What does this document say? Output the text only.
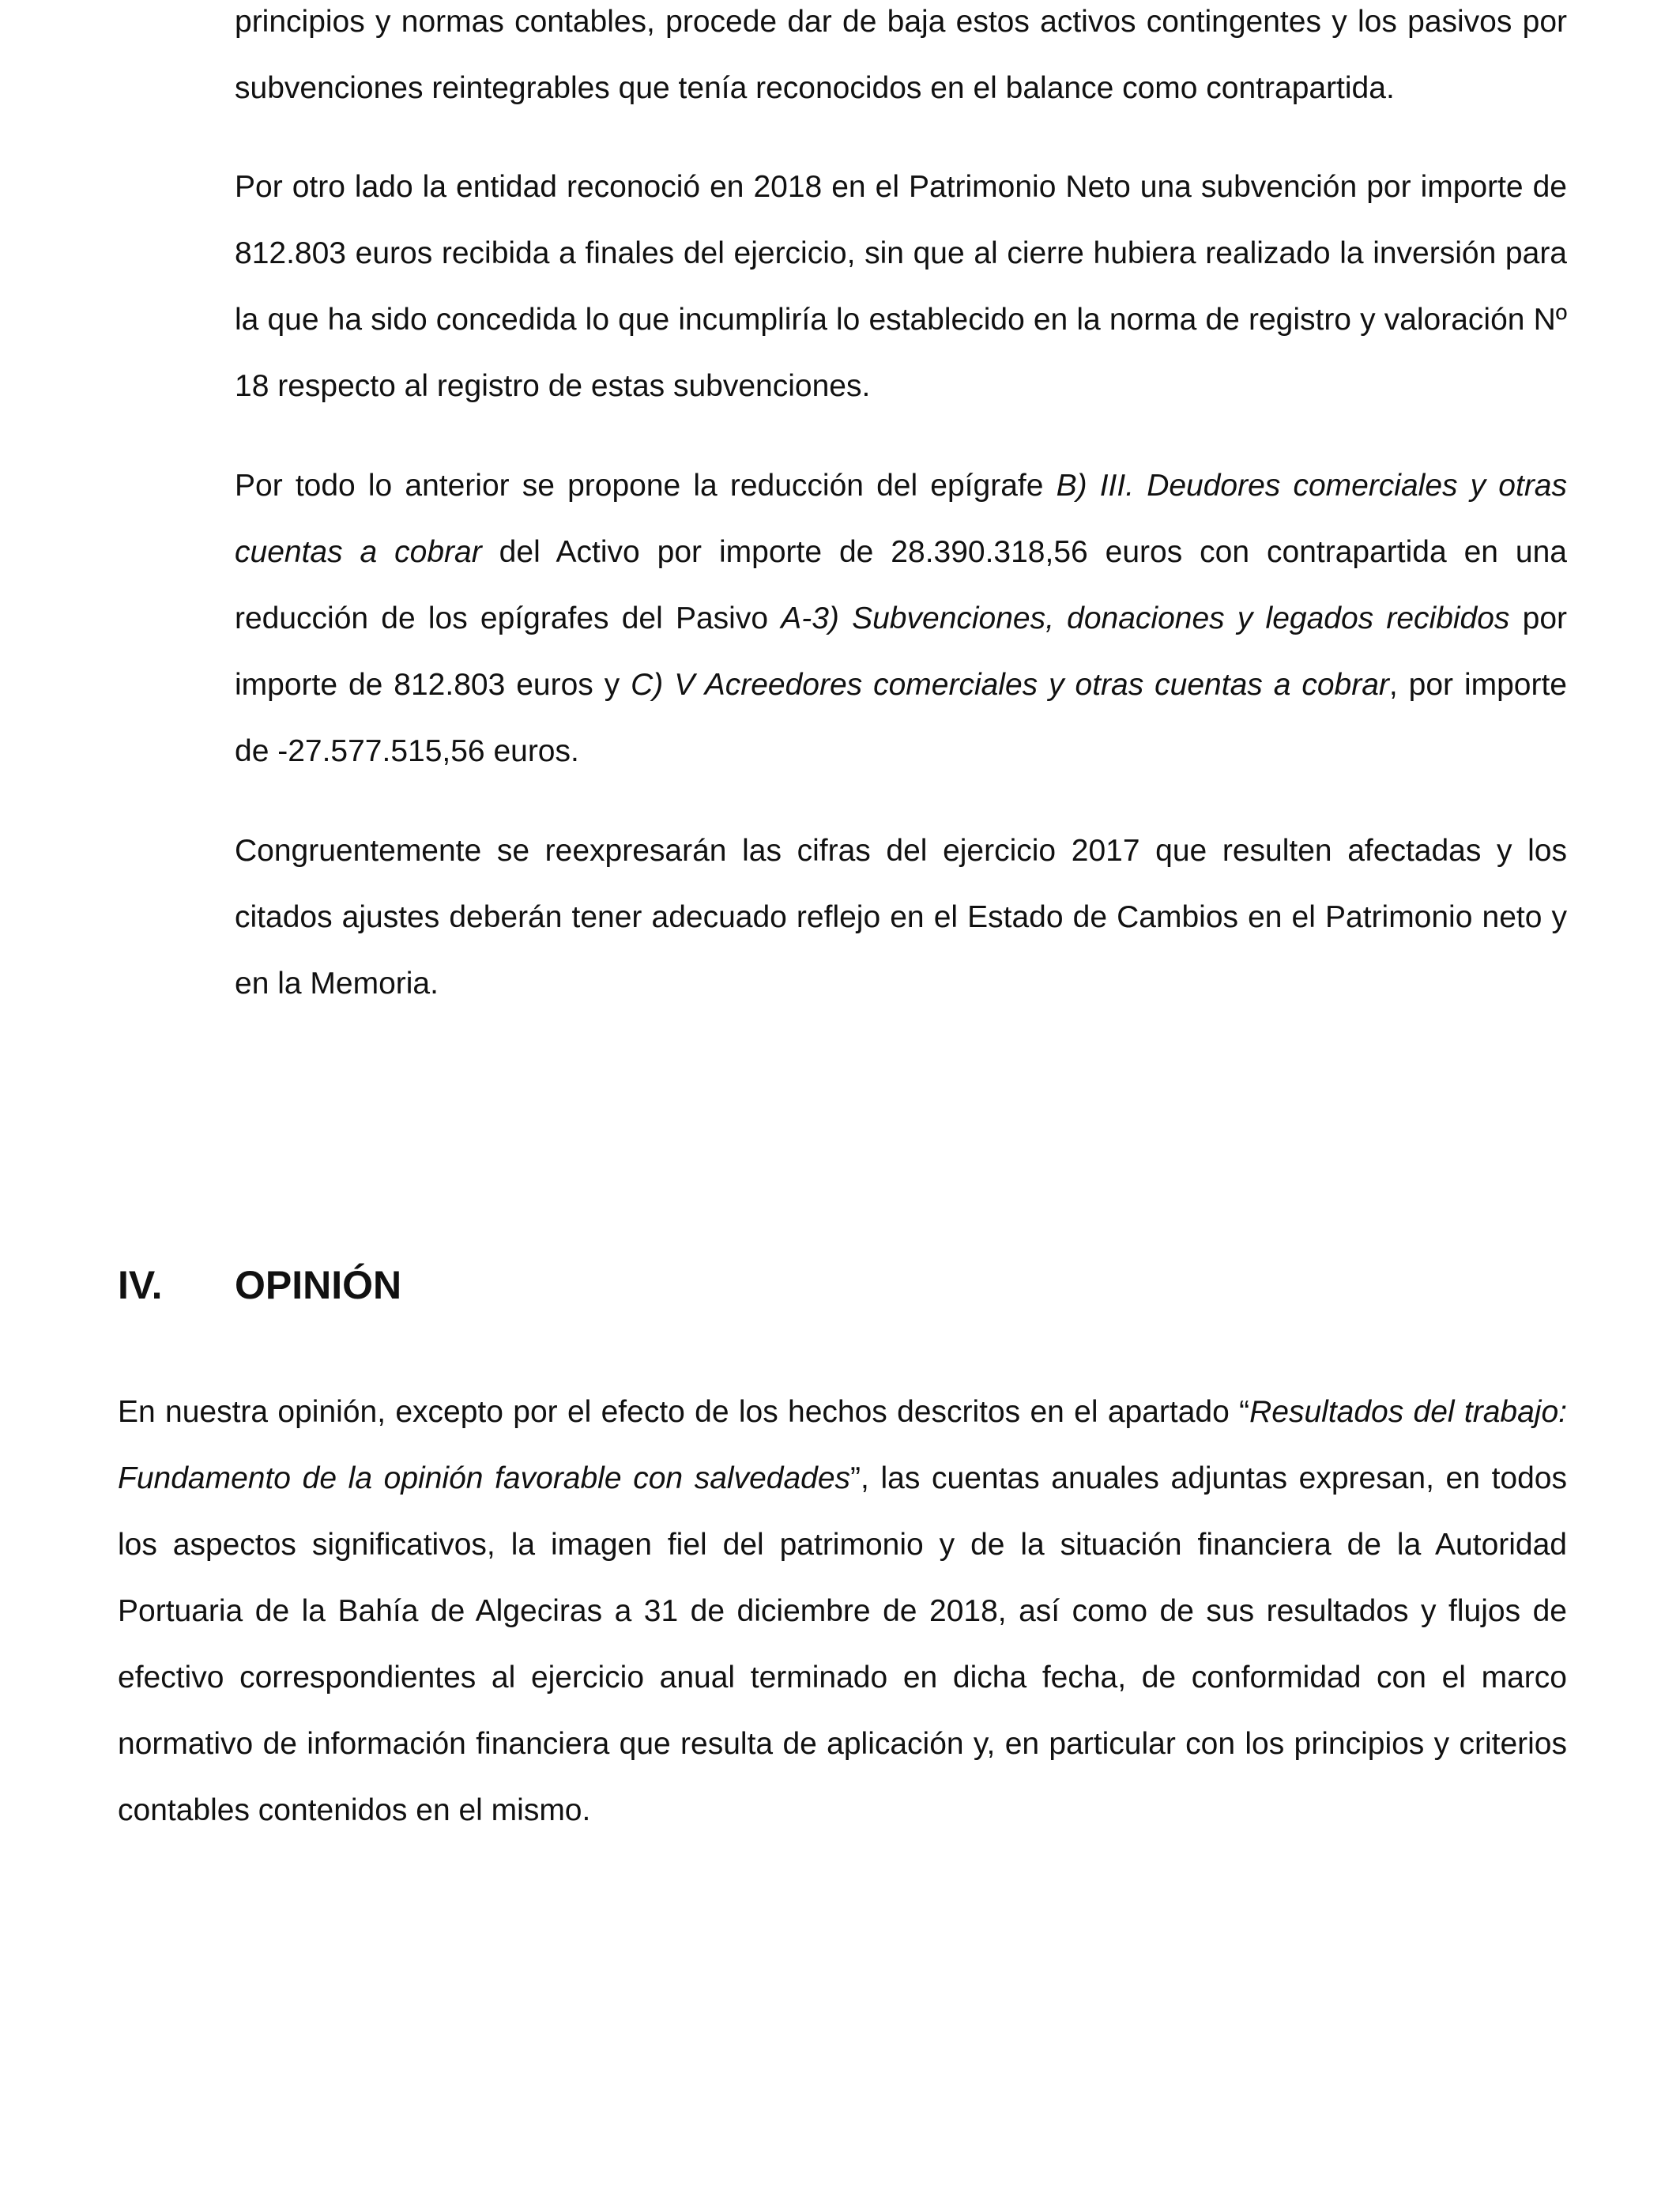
principios y normas contables, procede dar de baja estos activos contingentes y los pasivos por subvenciones reintegrables que tenía reconocidos en el balance como contrapartida.

Por otro lado la entidad reconoció en 2018 en el Patrimonio Neto una subvención por importe de 812.803 euros recibida a finales del ejercicio, sin que al cierre hubiera realizado la inversión para la que ha sido concedida lo que incumpliría lo establecido en la norma de registro y valoración Nº 18 respecto al registro de estas subvenciones.

Por todo lo anterior se propone la reducción del epígrafe B) III. Deudores comerciales y otras cuentas a cobrar del Activo por importe de 28.390.318,56 euros con contrapartida en una reducción de los epígrafes del Pasivo A-3) Subvenciones, donaciones y legados recibidos por importe de 812.803 euros y C) V Acreedores comerciales y otras cuentas a cobrar, por importe de -27.577.515,56 euros.

Congruentemente se reexpresarán las cifras del ejercicio 2017 que resulten afectadas y los citados ajustes deberán tener adecuado reflejo en el Estado de Cambios en el Patrimonio neto y en la Memoria.

IV. OPINIÓN

En nuestra opinión, excepto por el efecto de los hechos descritos en el apartado “Resultados del trabajo: Fundamento de la opinión favorable con salvedades”, las cuentas anuales adjuntas expresan, en todos los aspectos significativos, la imagen fiel del patrimonio y de la situación financiera de la Autoridad Portuaria de la Bahía de Algeciras a 31 de diciembre de 2018, así como de sus resultados y flujos de efectivo correspondientes al ejercicio anual terminado en dicha fecha, de conformidad con el marco normativo de información financiera que resulta de aplicación y, en particular con los principios y criterios contables contenidos en el mismo.
